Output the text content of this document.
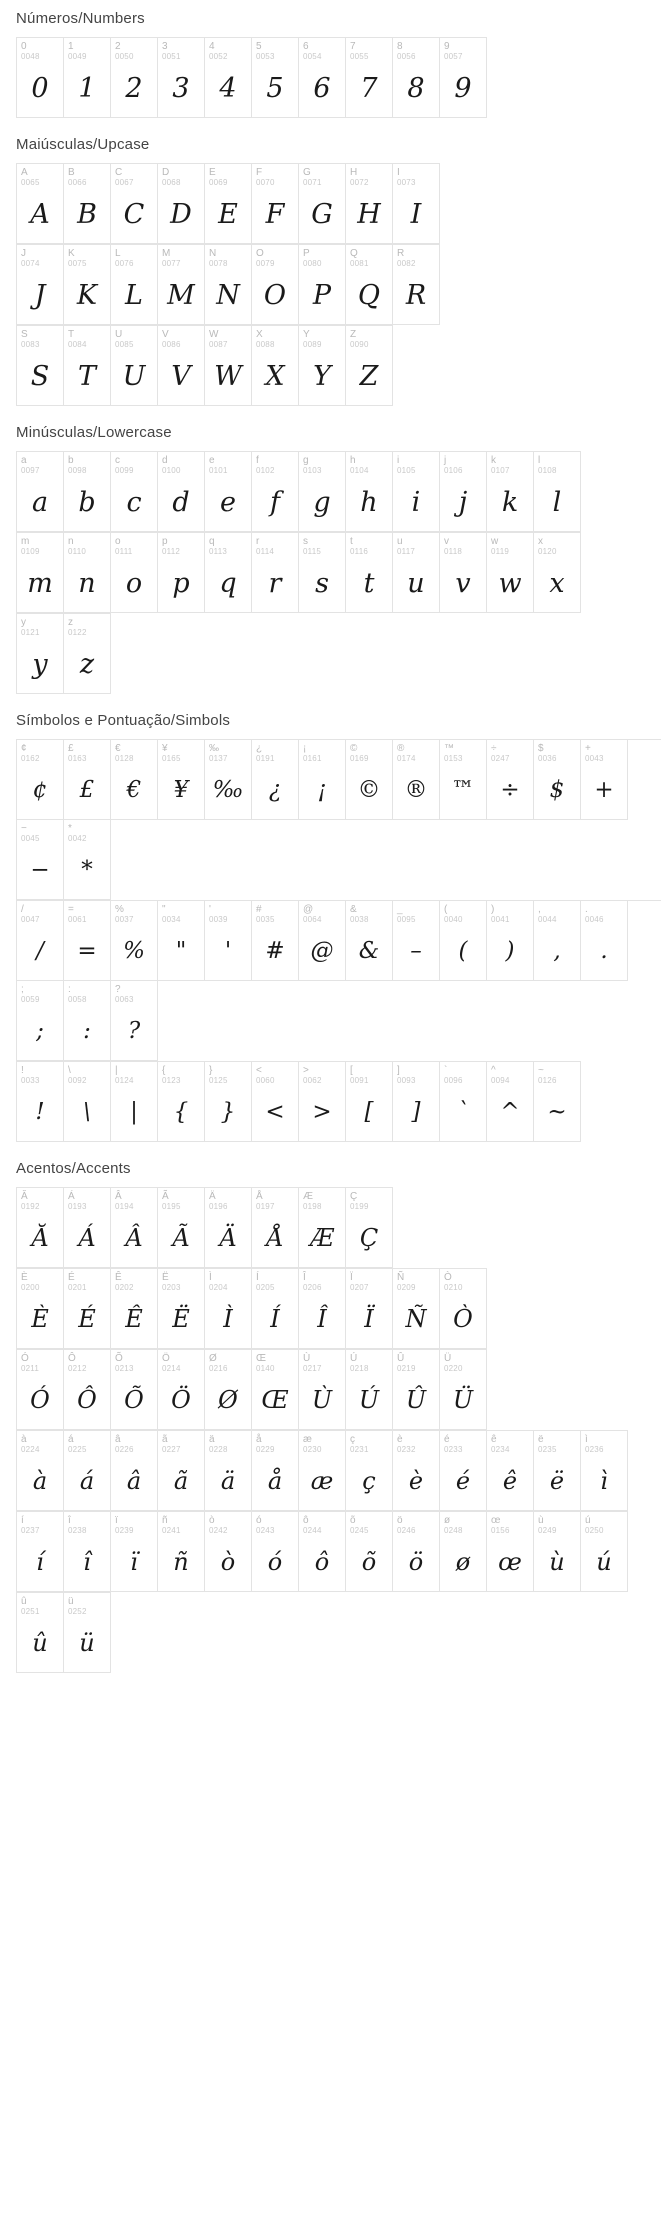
Números/Numbers
0
0048
0
1
0049
1
2
0050
2
3
0051
3
4
0052
4
5
0053
5
6
0054
6
7
0055
7
8
0056
8
9
0057
9
Maiúsculas/Upcase
A
0065
A
B
0066
B
C
0067
C
D
0068
D
E
0069
E
F
0070
F
G
0071
G
H
0072
H
I
0073
I
J
0074
J
K
0075
K
L
0076
L
M
0077
M
N
0078
N
O
0079
O
P
0080
P
Q
0081
Q
R
0082
R
S
0083
S
T
0084
T
U
0085
U
V
0086
V
W
0087
W
X
0088
X
Y
0089
Y
Z
0090
Z
Minúsculas/Lowercase
a
0097
a
b
0098
b
c
0099
c
d
0100
d
e
0101
e
f
0102
f
g
0103
g
h
0104
h
i
0105
i
j
0106
j
k
0107
k
l
0108
l
m
0109
m
n
0110
n
o
0111
o
p
0112
p
q
0113
q
r
0114
r
s
0115
s
t
0116
t
u
0117
u
v
0118
v
w
0119
w
x
0120
x
y
0121
y
z
0122
z
Símbolos e Pontuação/Simbols
¢
0162
¢
£
0163
£
€
0128
€
¥
0165
¥
‰
0137
‰
¿
0191
¿
¡
0161
¡
©
0169
©
®
0174
®
™
0153
™
÷
0247
÷
$
0036
$
+
0043
+
−
0045
−
*
0042
*
/
0047
/
=
0061
=
%
0037
%
"
0034
"
'
0039
'
#
0035
#
@
0064
@
&
0038
&
_
0095
–
(
0040
(
)
0041
)
,
0044
,
.
0046
.
;
0059
;
:
0058
:
?
0063
?
!
0033
!
\
0092
\
|
0124
|
{
0123
{
}
0125
}
<
0060
<
>
0062
>
[
0091
[
]
0093
]
`
0096
`
^
0094
^
~
0126
~
Acentos/Accents
Ă
0192
Ă
Á
0193
Á
Â
0194
Â
Ã
0195
Ã
Ä
0196
Ä
Å
0197
Å
Æ
0198
Æ
Ç
0199
Ç
È
0200
È
É
0201
É
Ê
0202
Ê
Ë
0203
Ë
Ì
0204
Ì
Í
0205
Í
Î
0206
Î
Ï
0207
Ï
Ñ
0209
Ñ
Ò
0210
Ò
Ó
0211
Ó
Ô
0212
Ô
Õ
0213
Õ
Ö
0214
Ö
Ø
0216
Ø
Œ
0140
Œ
Ù
0217
Ù
Ú
0218
Ú
Û
0219
Û
Ü
0220
Ü
à
0224
à
á
0225
á
â
0226
â
ã
0227
ã
ä
0228
ä
å
0229
å
æ
0230
æ
ç
0231
ç
è
0232
è
é
0233
é
ê
0234
ê
ë
0235
ë
ì
0236
ì
í
0237
í
î
0238
î
ï
0239
ï
ñ
0241
ñ
ò
0242
ò
ó
0243
ó
ô
0244
ô
õ
0245
õ
ö
0246
ö
ø
0248
ø
œ
0156
œ
ù
0249
ù
ú
0250
ú
û
0251
û
ü
0252
ü
